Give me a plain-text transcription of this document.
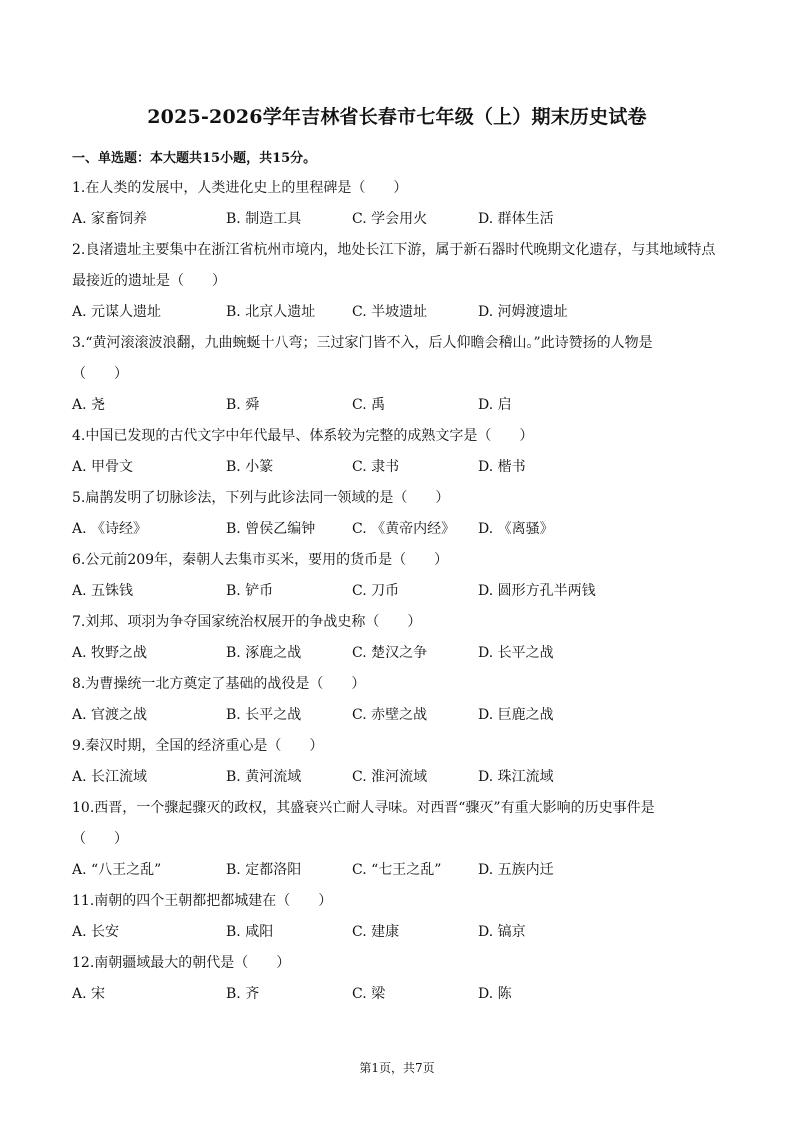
2025-2026学年吉林省长春市七年级（上）期末历史试卷
一、单选题：本大题共15小题，共15分。
1.在人类的发展中，人类进化史上的里程碑是（　　）
A. 家畜饲养	B. 制造工具	C. 学会用火	D. 群体生活
2.良渚遗址主要集中在浙江省杭州市境内，地处长江下游，属于新石器时代晚期文化遗存，与其地域特点
最接近的遗址是（　　）
A. 元谋人遗址	B. 北京人遗址	C. 半坡遗址	D. 河姆渡遗址
3.“黄河滚滚波浪翻，九曲蜿蜒十八弯；三过家门皆不入，后人仰瞻会稽山。”此诗赞扬的人物是
（　　）
A. 尧	B. 舜	C. 禹	D. 启
4.中国已发现的古代文字中年代最早、体系较为完整的成熟文字是（　　）
A. 甲骨文	B. 小篆	C. 隶书	D. 楷书
5.扁鹊发明了切脉诊法，下列与此诊法同一领域的是（　　）
A. 《诗经》	B. 曾侯乙编钟	C. 《黄帝内经》 D. 《离骚》
6.公元前209年，秦朝人去集市买米，要用的货币是（　　）
A. 五铢钱	B. 铲币	C. 刀币	D. 圆形方孔半两钱
7.刘邦、项羽为争夺国家统治权展开的争战史称（　　）
A. 牧野之战	B. 涿鹿之战	C. 楚汉之争	D. 长平之战
8.为曹操统一北方奠定了基础的战役是（　　）
A. 官渡之战	B. 长平之战	C. 赤壁之战	D. 巨鹿之战
9.秦汉时期，全国的经济重心是（　　）
A. 长江流域	B. 黄河流域	C. 淮河流域	D. 珠江流域
10.西晋，一个骤起骤灭的政权，其盛衰兴亡耐人寻味。对西晋“骤灭”有重大影响的历史事件是
（　　）
A. “八王之乱”	B. 定都洛阳	C. “七王之乱”	D. 五族内迁
11.南朝的四个王朝都把都城建在（　　）
A. 长安	B. 咸阳	C. 建康	D. 镐京
12.南朝疆域最大的朝代是（　　）
A. 宋	B. 齐	C. 梁	D. 陈
第1页，共7页
